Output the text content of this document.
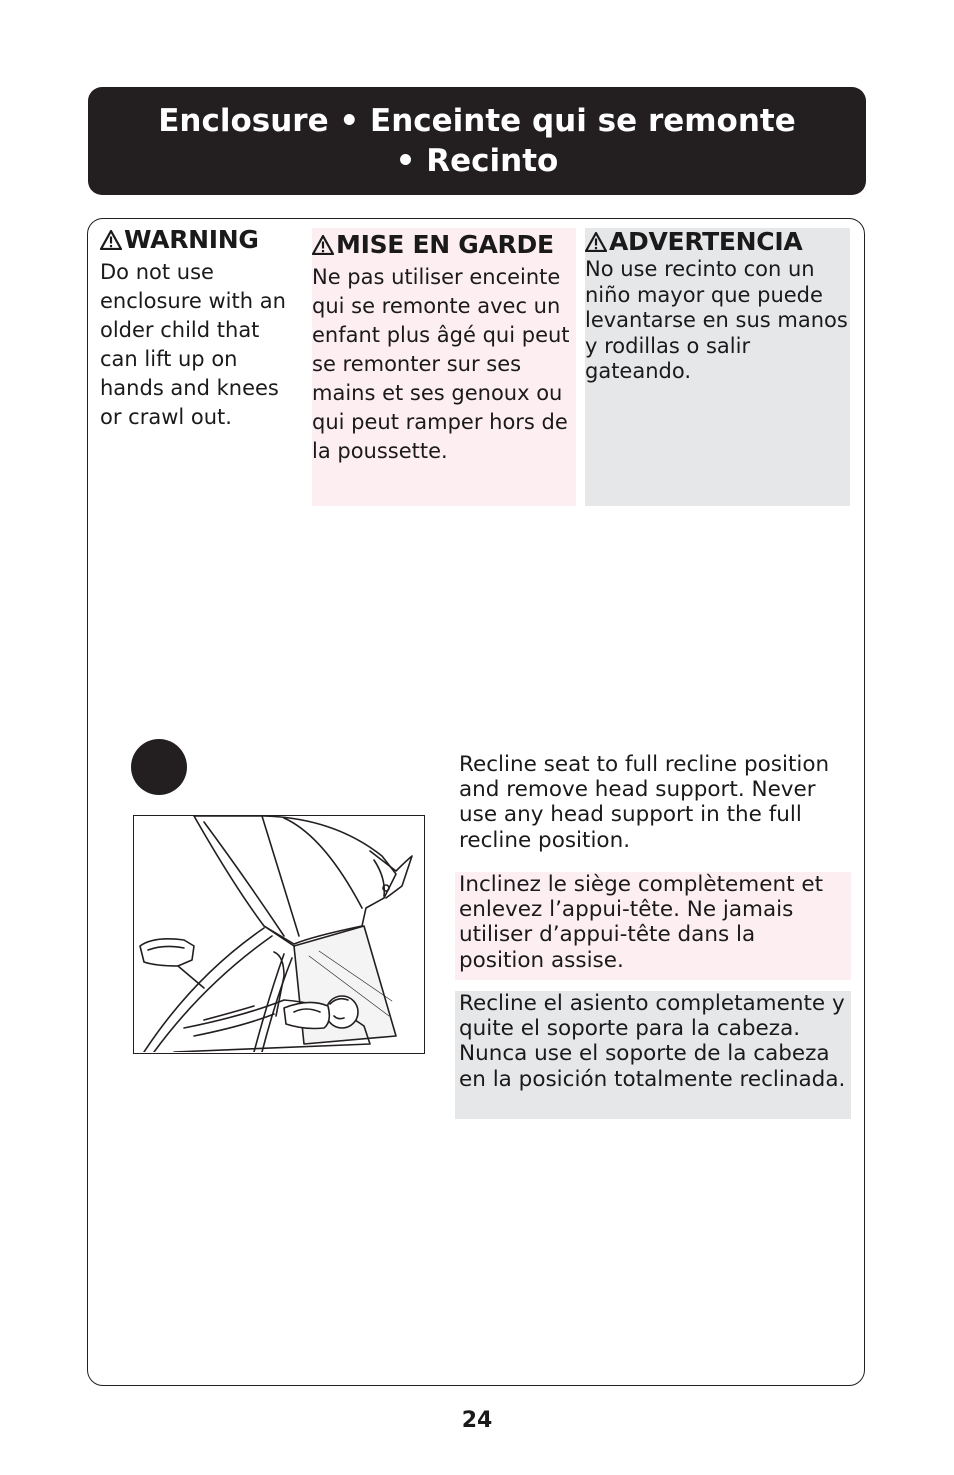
Enclosure • Enceinte qui se remonte
• Recinto
WARNING

Do not use enclosure with an older child that can lift up on hands and knees or crawl out.

MISE EN GARDE

Ne pas utiliser enceinte qui se remonte avec un enfant plus âgé qui peut se remonter sur ses mains et ses genoux ou qui peut ramper hors de la poussette.

ADVERTENCIA

No use recinto con un niño mayor que puede levantarse en sus manos y rodillas o salir gateando.

Recline seat to full recline position and remove head support. Never use any head support in the full recline position.

Inclinez le siège complètement et enlevez l’appui-tête. Ne jamais utiliser d’appui-tête dans la position assise.

Recline el asiento completamente y quite el soporte para la cabeza. Nunca use el soporte de la cabeza en la posición totalmente reclinada.

24
